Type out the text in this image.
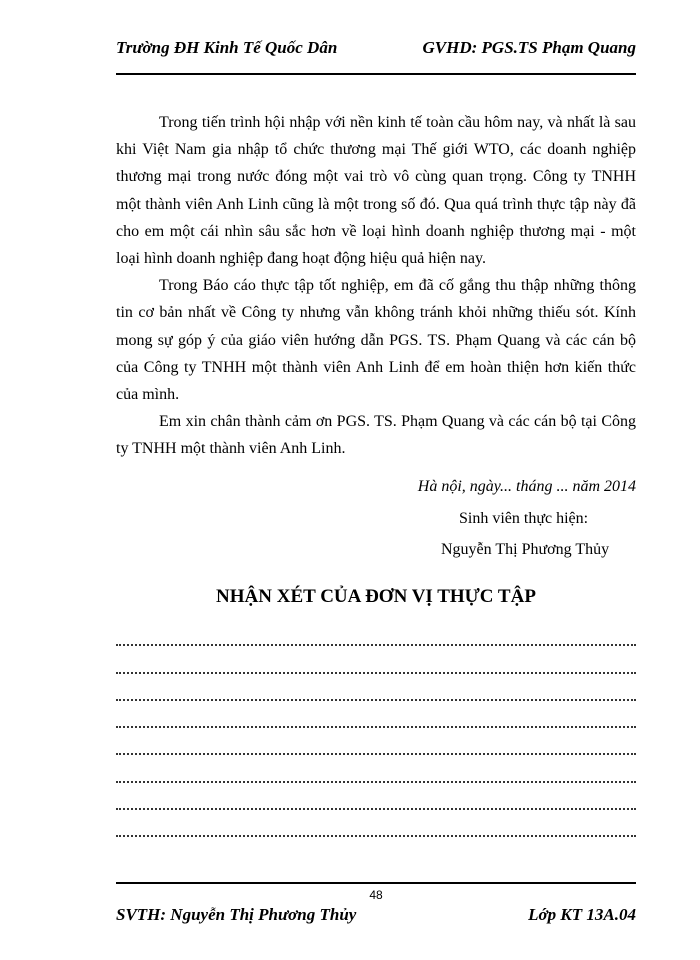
Trường ĐH Kinh Tế Quốc Dân	GVHD: PGS.TS Phạm Quang

Trong tiến trình hội nhập với nền kinh tế toàn cầu hôm nay, và nhất là sau khi Việt Nam gia nhập tổ chức thương mại Thế giới WTO, các doanh nghiệp thương mại trong nước đóng một vai trò vô cùng quan trọng. Công ty TNHH một thành viên Anh Linh cũng là một trong số đó. Qua quá trình thực tập này đã cho em một cái nhìn sâu sắc hơn về loại hình doanh nghiệp thương mại - một loại hình doanh nghiệp đang hoạt động hiệu quả hiện nay.

Trong Báo cáo thực tập tốt nghiệp, em đã cố gắng thu thập những thông tin cơ bản nhất về Công ty nhưng vẫn không tránh khỏi những thiếu sót. Kính mong sự góp ý của giáo viên hướng dẫn PGS. TS. Phạm Quang và các cán bộ của Công ty TNHH một thành viên Anh Linh để em hoàn thiện hơn kiến thức của mình.

Em xin chân thành cảm ơn PGS. TS. Phạm Quang và các cán bộ tại Công ty TNHH một thành viên Anh Linh.

Hà nội, ngày... tháng ... năm 2014
Sinh viên thực hiện:
Nguyễn Thị Phương Thủy
NHẬN XÉT CỦA ĐƠN VỊ THỰC TẬP
48
SVTH: Nguyễn Thị Phương Thủy	Lớp KT 13A.04
